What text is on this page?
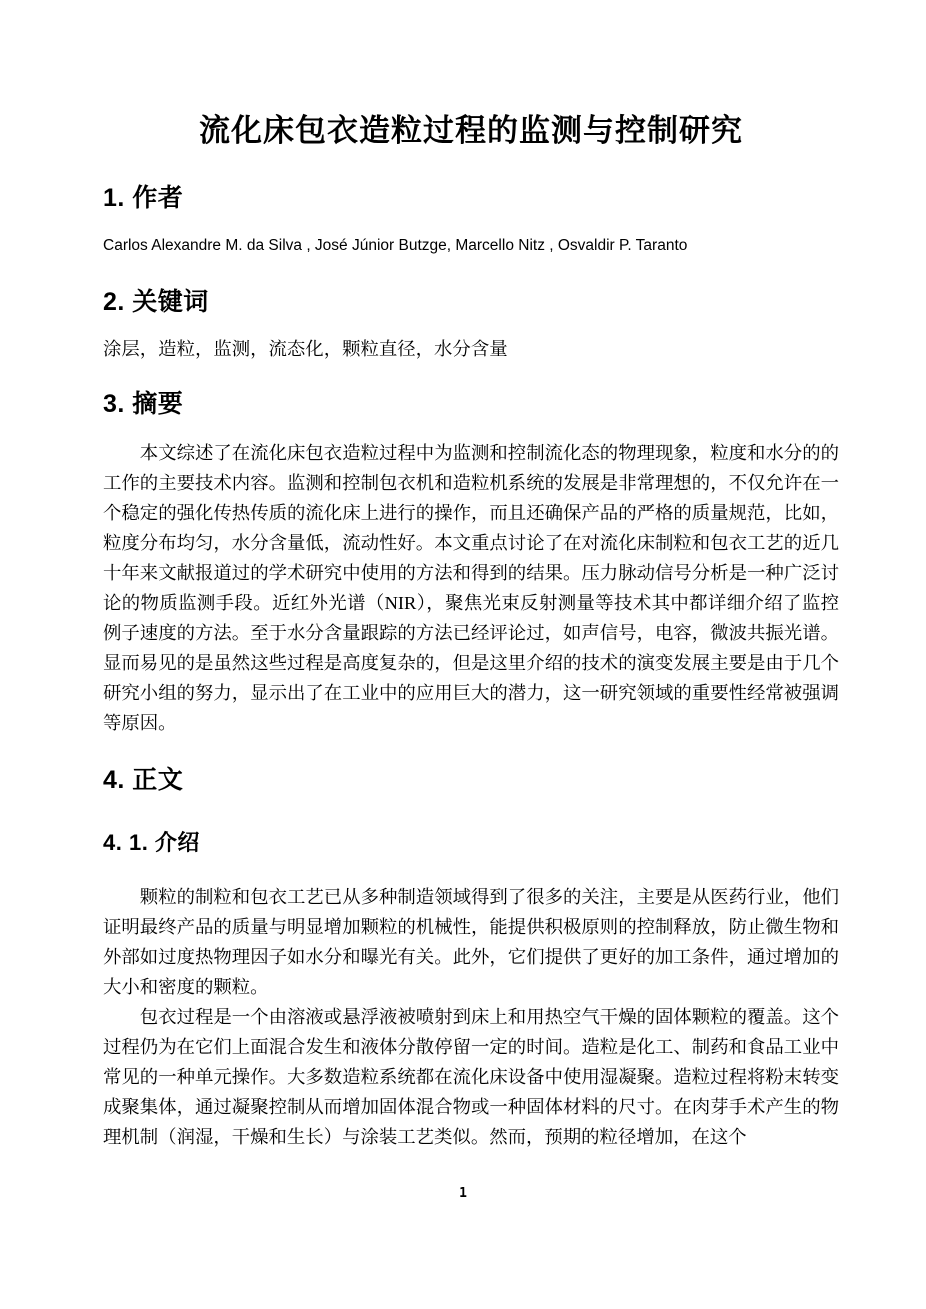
流化床包衣造粒过程的监测与控制研究
1. 作者

Carlos Alexandre M. da Silva , José Júnior Butzge, Marcello Nitz , Osvaldir P. Taranto

2. 关键词

涂层，造粒，监测，流态化，颗粒直径，水分含量

3. 摘要

本文综述了在流化床包衣造粒过程中为监测和控制流化态的物理现象，粒度和水分的的工作的主要技术内容。监测和控制包衣机和造粒机系统的发展是非常理想的，不仅允许在一个稳定的强化传热传质的流化床上进行的操作，而且还确保产品的严格的质量规范，比如，粒度分布均匀，水分含量低，流动性好。本文重点讨论了在对流化床制粒和包衣工艺的近几十年来文献报道过的学术研究中使用的方法和得到的结果。压力脉动信号分析是一种广泛讨论的物质监测手段。近红外光谱（NIR），聚焦光束反射测量等技术其中都详细介绍了监控例子速度的方法。至于水分含量跟踪的方法已经评论过，如声信号，电容，微波共振光谱。显而易见的是虽然这些过程是高度复杂的，但是这里介绍的技术的演变发展主要是由于几个研究小组的努力，显示出了在工业中的应用巨大的潜力，这一研究领域的重要性经常被强调等原因。

4. 正文
4. 1. 介绍

颗粒的制粒和包衣工艺已从多种制造领域得到了很多的关注，主要是从医药行业，他们证明最终产品的质量与明显增加颗粒的机械性，能提供积极原则的控制释放，防止微生物和外部如过度热物理因子如水分和曝光有关。此外，它们提供了更好的加工条件，通过增加的大小和密度的颗粒。

包衣过程是一个由溶液或悬浮液被喷射到床上和用热空气干燥的固体颗粒的覆盖。这个过程仍为在它们上面混合发生和液体分散停留一定的时间。造粒是化工、制药和食品工业中常见的一种单元操作。大多数造粒系统都在流化床设备中使用湿凝聚。造粒过程将粉末转变成聚集体，通过凝聚控制从而增加固体混合物或一种固体材料的尺寸。在肉芽手术产生的物理机制（润湿，干燥和生长）与涂装工艺类似。然而，预期的粒径增加，在这个

1
